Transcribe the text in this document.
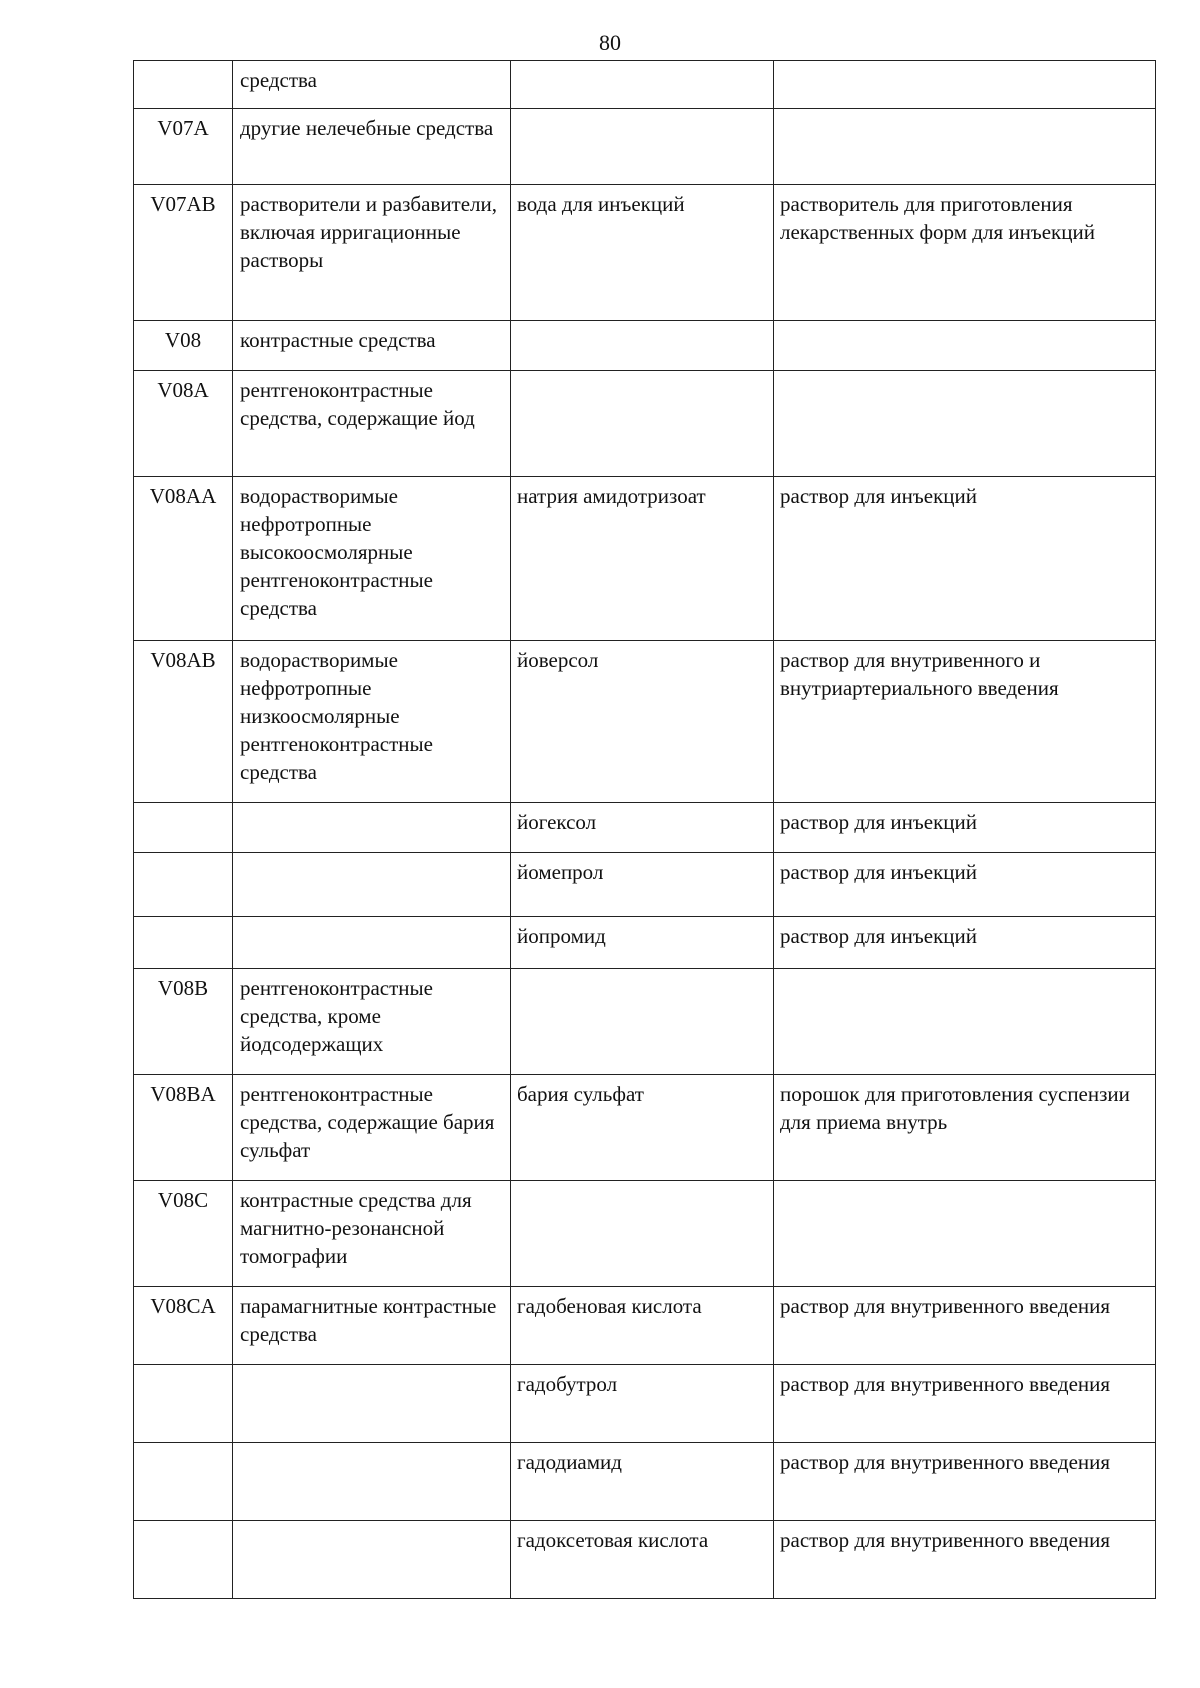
80
	средства		
V07A	другие нелечебные средства		
V07AB	растворители и разбавители, включая ирригационные растворы	вода для инъекций	растворитель для приготовления лекарственных форм для инъекций
V08	контрастные средства		
V08A	рентгеноконтрастные средства, содержащие йод		
V08AA	водорастворимые нефротропные высокоосмолярные рентгеноконтрастные средства	натрия амидотризоат	раствор для инъекций
V08AB	водорастворимые нефротропные низкоосмолярные рентгеноконтрастные средства	йоверсол	раствор для внутривенного и внутриартериального введения
		йогексол	раствор для инъекций
		йомепрол	раствор для инъекций
		йопромид	раствор для инъекций
V08B	рентгеноконтрастные средства, кроме йодсодержащих		
V08BA	рентгеноконтрастные средства, содержащие бария сульфат	бария сульфат	порошок для приготовления суспензии для приема внутрь
V08C	контрастные средства для магнитно-резонансной томографии		
V08CA	парамагнитные контрастные средства	гадобеновая кислота	раствор для внутривенного введения
		гадобутрол	раствор для внутривенного введения
		гадодиамид	раствор для внутривенного введения
		гадоксетовая кислота	раствор для внутривенного введения
